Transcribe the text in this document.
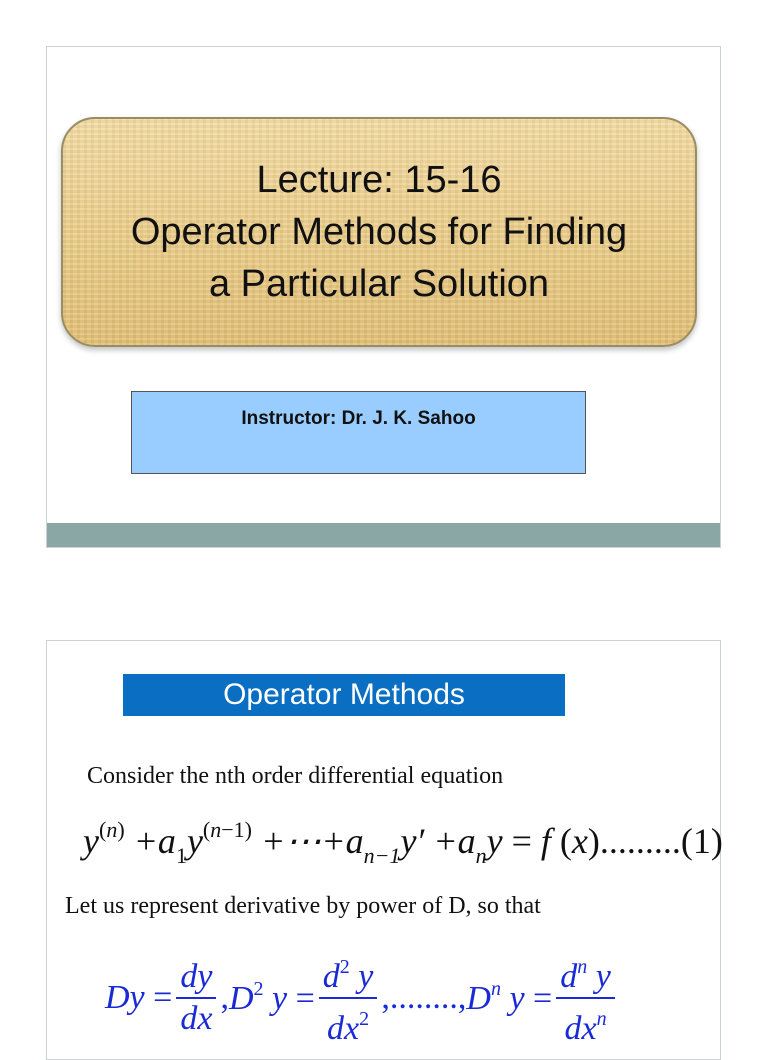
Lecture: 15-16
Operator Methods for Finding
a Particular Solution
Instructor: Dr. J. K. Sahoo
Operator Methods
Consider the nth order differential equation
$y^{(n)} +a_1y^{(n-1)}$ $+\cdots+a_{n-1}y' +a_ny = f$ (x).........(1)
Let us represent derivative by power of D, so that
$Dy = \frac{dy}{dx}$ , $D^2$ $y = \frac{d^2 y}{dx^2}$ ,........, $D^n$ $y = \frac{d^n y}{dx^n}$
